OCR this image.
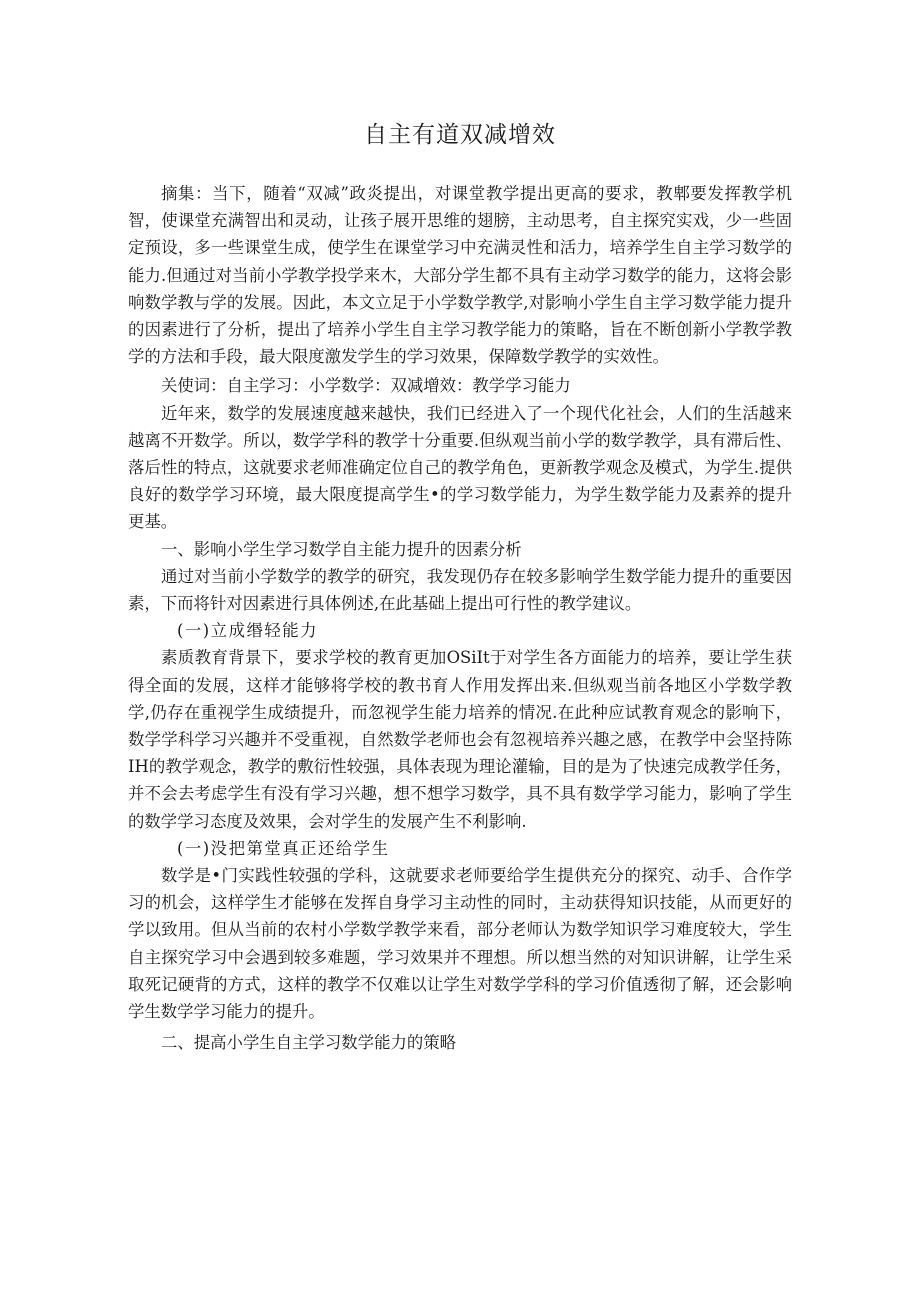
自主有道双减增效

摘集：当下，随着“双减”政炎提出，对课堂教学提出更高的要求，教郫要发挥教学机智，使课堂充满智出和灵动，让孩子展开思维的翅膀，主动思考，自主探究实戏，少一些固定预设，多一些课堂生成，使学生在课堂学习中充满灵性和活力，培养学生自主学习数学的能力.但通过对当前小学教学投学来木，大部分学生都不具有主动学习数学的能力，这将会影响数学教与学的发展。因此，本文立足于小学数学教学,对影响小学生自主学习数学能力提升的因素进行了分析，提出了培养小学生自主学习教学能力的策略，旨在不断创新小学教学教学的方法和手段，最大限度激发学生的学习效果，保障数学教学的实效性。

关使词：自主学习：小学数学：双减增效：教学学习能力

近年来，数学的发展速度越来越快，我们已经进入了一个现代化社会，人们的生活越来越离不开数学。所以，数学学科的教学十分重要.但纵观当前小学的数学教学，具有滞后性、落后性的特点，这就要求老师准确定位自己的教学角色，更新教学观念及模式，为学生.提供良好的数学学习环境，最大限度提高学生•的学习数学能力，为学生数学能力及素养的提升更基。

一、影响小学生学习数学自主能力提升的因素分析

通过对当前小学数学的教学的研究，我发现仍存在较多影响学生数学能力提升的重要因素，下而将针对因素进行具体例述,在此基础上提出可行性的教学建议。

(一)立成缗轻能力

素质教育背景下，要求学校的教育更加OSiIt于对学生各方面能力的培养，要让学生获得全面的发展，这样才能够将学校的教书育人作用发挥出来.但纵观当前各地区小学数学教学,仍存在重视学生成绩提升，而忽视学生能力培养的情况.在此种应试教育观念的影响下，数学学科学习兴趣并不受重视，自然数学老师也会有忽视培养兴趣之感，在教学中会坚持陈IH的教学观念，教学的敷衍性较强，具体表现为理论灌输，目的是为了快速完成教学任务，并不会去考虑学生有没有学习兴趣，想不想学习数学，具不具有数学学习能力，影响了学生的数学学习态度及效果，会对学生的发展产生不利影响.

(一)没把第堂真正还给学生

数学是•门实践性较强的学科，这就要求老师要给学生提供充分的探究、动手、合作学习的机会，这样学生才能够在发挥自身学习主动性的同时，主动获得知识技能，从而更好的学以致用。但从当前的农村小学数学教学来看，部分老师认为数学知识学习难度较大，学生自主探究学习中会遇到较多难题，学习效果并不理想。所以想当然的对知识讲解，让学生采取死记硬背的方式，这样的教学不仅难以让学生对数学学科的学习价值透彻了解，还会影响学生数学学习能力的提升。

二、提高小学生自主学习数学能力的策略
